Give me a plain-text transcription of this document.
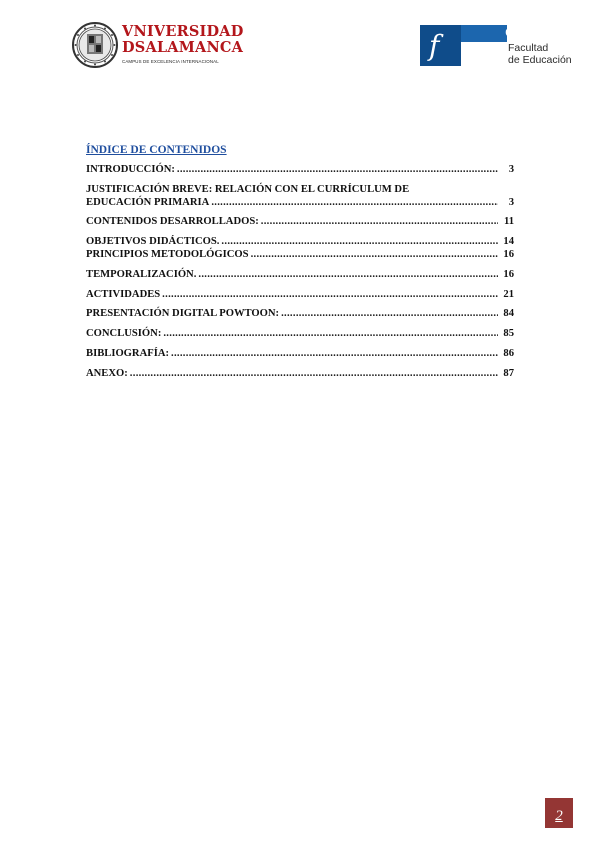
VNIVERSIDAD
DSALAMANCA
CAMPUS DE EXCELENCIA INTERNACIONAL	f	edu
Facultad
de Educación
ÍNDICE DE CONTENIDOS
INTRODUCCIÓN: .....	3
JUSTIFICACIÓN BREVE: RELACIÓN CON EL CURRÍCULUM DE
EDUCACIÓN PRIMARIA .....	3
CONTENIDOS DESARROLLADOS: .....	11
OBJETIVOS DIDÁCTICOS. .....	14
PRINCIPIOS METODOLÓGICOS .....	16
TEMPORALIZACIÓN. .....	16
ACTIVIDADES .....	21
PRESENTACIÓN DIGITAL POWTOON: .....	84
CONCLUSIÓN: .....	85
BIBLIOGRAFÍA: .....	86
ANEXO: .....	87
2
